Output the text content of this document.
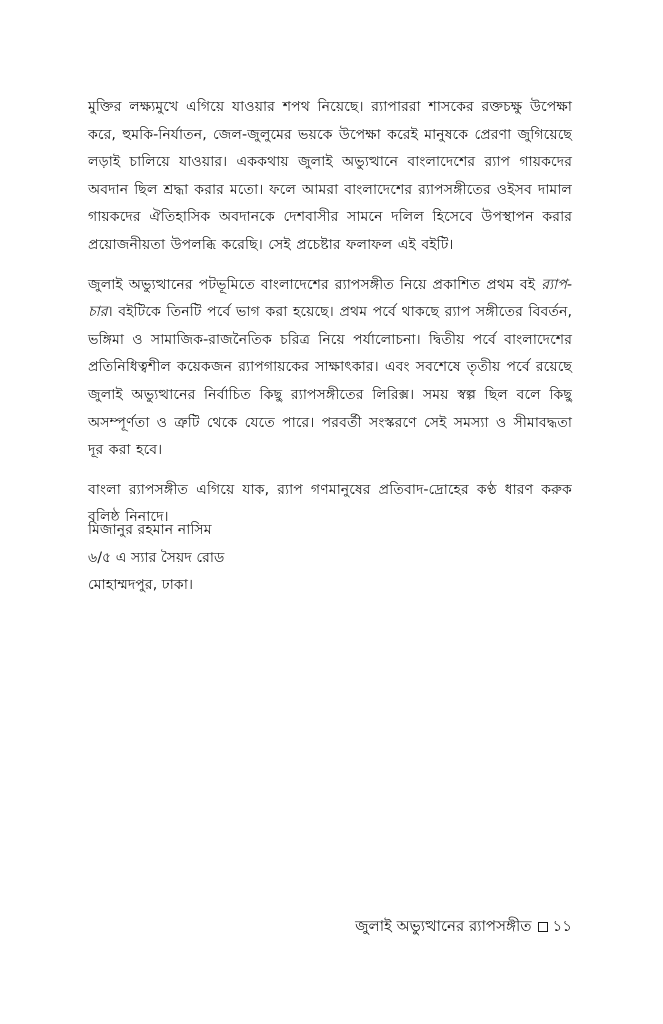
মুক্তির লক্ষ্যমুখে এগিয়ে যাওয়ার শপথ নিয়েছে। র‍্যাপাররা শাসকের রক্তচক্ষু উপেক্ষা করে, হুমকি-নির্যাতন, জেল-জুলুমের ভয়কে উপেক্ষা করেই মানুষকে প্রেরণা জুগিয়েছে লড়াই চালিয়ে যাওয়ার। এককথায় জুলাই অভ্যুত্থানে বাংলাদেশের র‍্যাপ গায়কদের অবদান ছিল শ্রদ্ধা করার মতো। ফলে আমরা বাংলাদেশের র‍্যাপসঙ্গীতের ওইসব দামাল গায়কদের ঐতিহাসিক অবদানকে দেশবাসীর সামনে দলিল হিসেবে উপস্থাপন করার প্রয়োজনীয়তা উপলব্ধি করেছি। সেই প্রচেষ্টার ফলাফল এই বইটি।

জুলাই অভ্যুত্থানের পটভূমিতে বাংলাদেশের র‍্যাপসঙ্গীত নিয়ে প্রকাশিত প্রথম বই র‍্যাপ-চার। বইটিকে তিনটি পর্বে ভাগ করা হয়েছে। প্রথম পর্বে থাকছে র‍্যাপ সঙ্গীতের বিবর্তন, ভঙ্গিমা ও সামাজিক-রাজনৈতিক চরিত্র নিয়ে পর্যালোচনা। দ্বিতীয় পর্বে বাংলাদেশের প্রতিনিধিত্বশীল কয়েকজন র‍্যাপগায়কের সাক্ষাৎকার। এবং সবশেষে তৃতীয় পর্বে রয়েছে জুলাই অভ্যুত্থানের নির্বাচিত কিছু র‍্যাপসঙ্গীতের লিরিক্স। সময় স্বল্প ছিল বলে কিছু অসম্পূর্ণতা ও ত্রুটি থেকে যেতে পারে। পরবর্তী সংস্করণে সেই সমস্যা ও সীমাবদ্ধতা দূর করা হবে।

বাংলা র‍্যাপসঙ্গীত এগিয়ে যাক, র‍্যাপ গণমানুষের প্রতিবাদ-দ্রোহের কণ্ঠ ধারণ করুক বলিষ্ঠ নিনাদে।

মিজানুর রহমান নাসিম

৬/৫ এ স্যার সৈয়দ রোড

মোহাম্মদপুর, ঢাকা।

জুলাই অভ্যুত্থানের র‍্যাপসঙ্গীত ১১
